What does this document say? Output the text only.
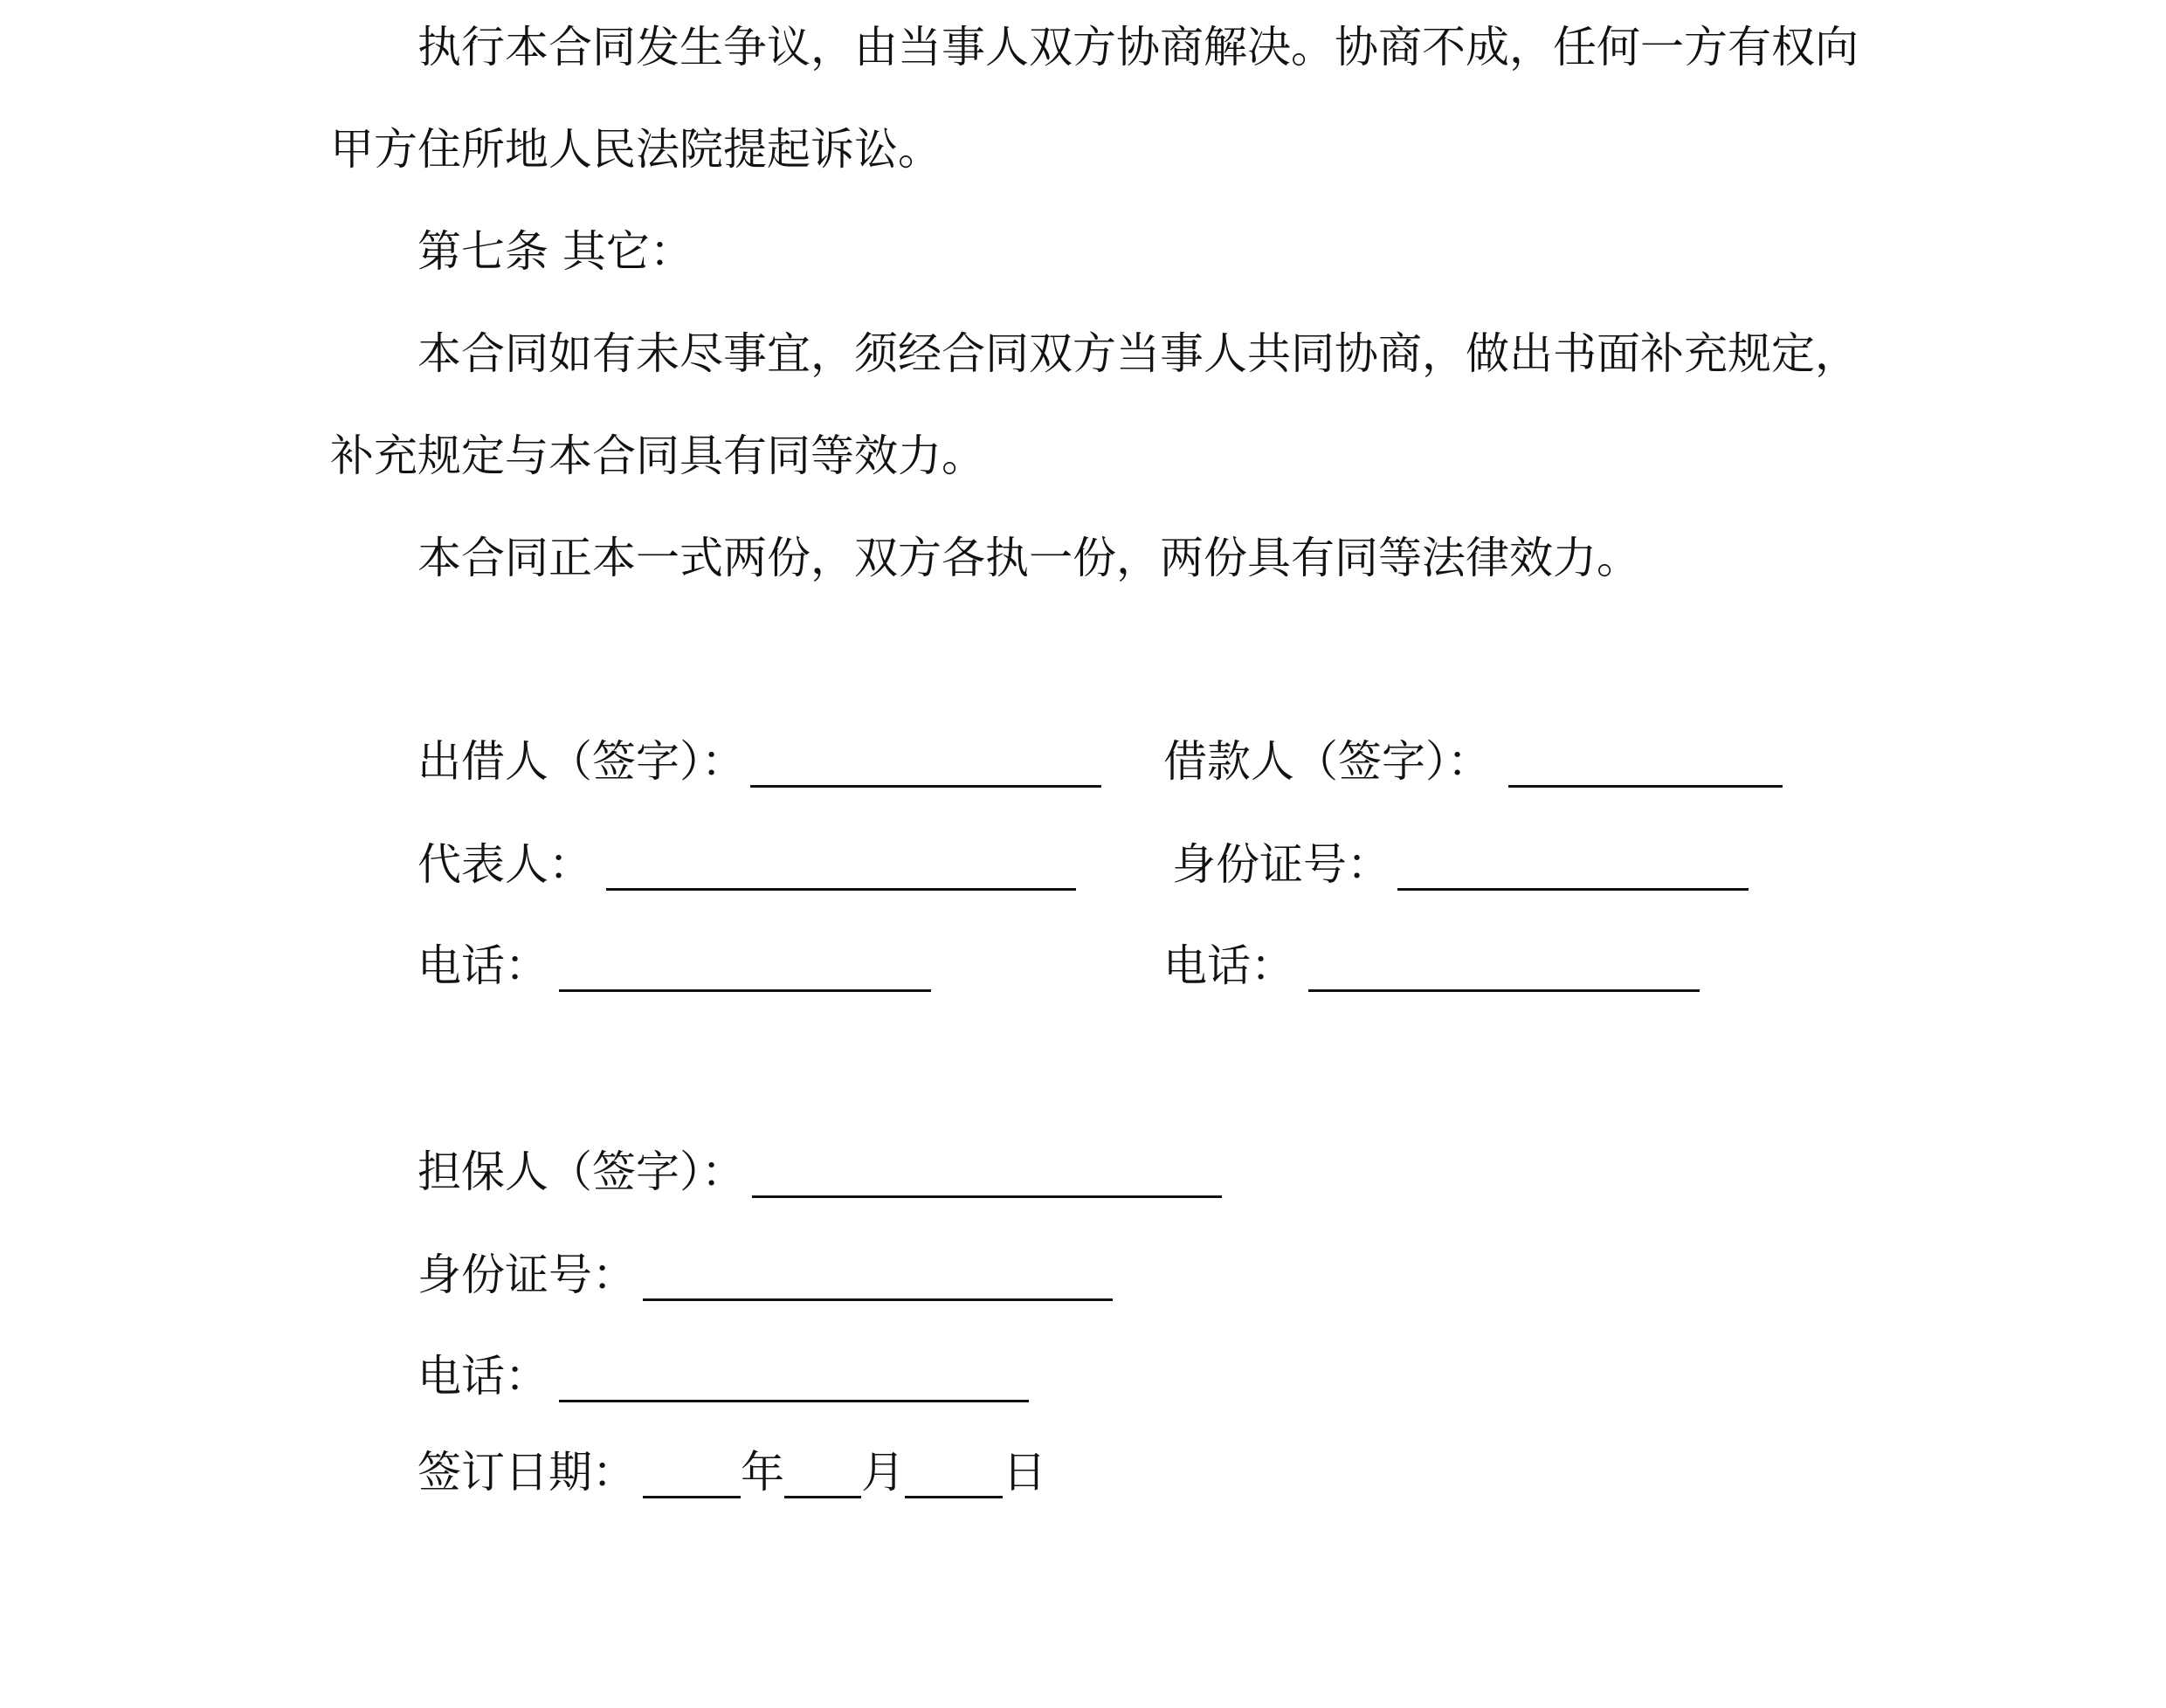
执行本合同发生争议，由当事人双方协商解决。协商不成，任何一方有权向
甲方住所地人民法院提起诉讼。
第七条 其它：
本合同如有未尽事宜，须经合同双方当事人共同协商，做出书面补充规定，
补充规定与本合同具有同等效力。
本合同正本一式两份，双方各执一份，两份具有同等法律效力。
出借人（签字）：
代表人：
电话：
借款人（签字）：
身份证号：
电话：
担保人（签字）：
身份证号：
电话：
签订日期： 年 月 日
